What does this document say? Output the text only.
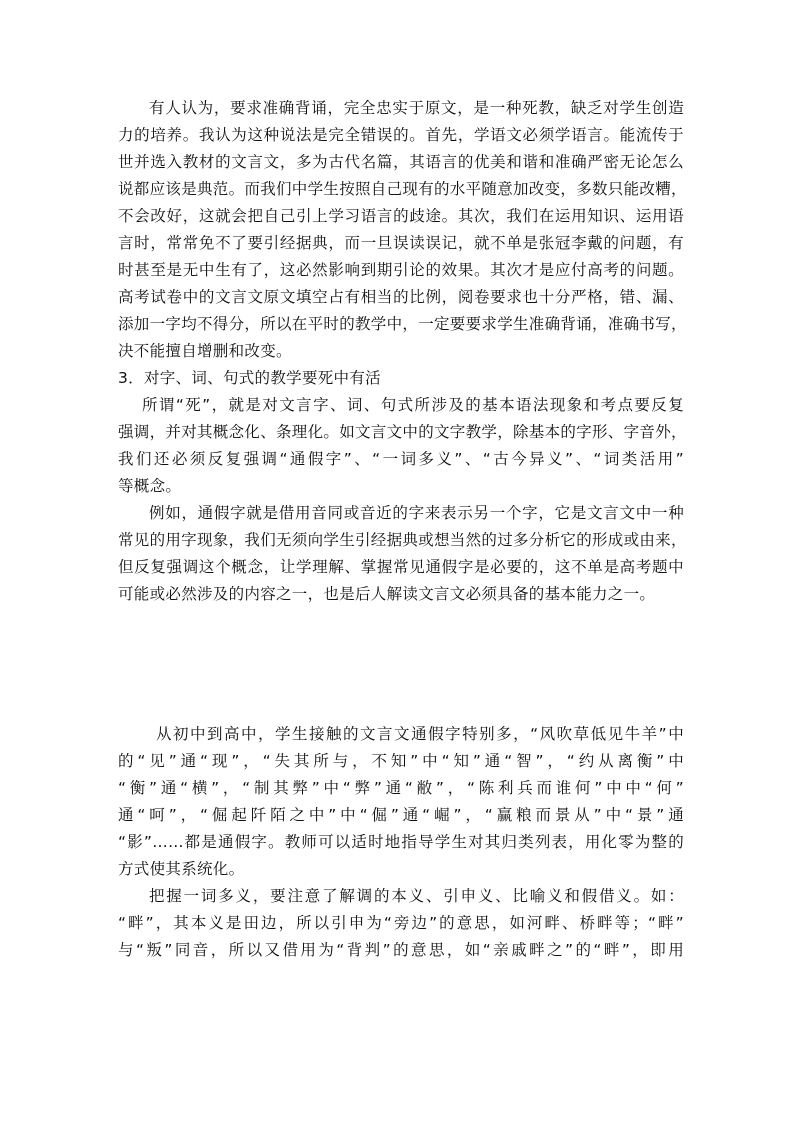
有人认为，要求准确背诵，完全忠实于原文，是一种死教，缺乏对学生创造
力的培养。我认为这种说法是完全错误的。首先，学语文必须学语言。能流传于
世并选入教材的文言文，多为古代名篇，其语言的优美和谐和准确严密无论怎么
说都应该是典范。而我们中学生按照自己现有的水平随意加改变，多数只能改糟，
不会改好，这就会把自己引上学习语言的歧途。其次，我们在运用知识、运用语
言时，常常免不了要引经据典，而一旦误读误记，就不单是张冠李戴的问题，有
时甚至是无中生有了，这必然影响到期引论的效果。其次才是应付高考的问题。
高考试卷中的文言文原文填空占有相当的比例，阅卷要求也十分严格，错、漏、
添加一字均不得分，所以在平时的教学中，一定要要求学生准确背诵，准确书写，
决不能擅自增删和改变。
3．对字、词、句式的教学要死中有活
所谓“死”，就是对文言字、词、句式所涉及的基本语法现象和考点要反复
强调，并对其概念化、条理化。如文言文中的文字教学，除基本的字形、字音外，
我们还必须反复强调“通假字”、“一词多义”、“古今异义”、“词类活用”
等概念。
例如，通假字就是借用音同或音近的字来表示另一个字，它是文言文中一种
常见的用字现象，我们无须向学生引经据典或想当然的过多分析它的形成或由来，
但反复强调这个概念，让学理解、掌握常见通假字是必要的，这不单是高考题中
可能或必然涉及的内容之一，也是后人解读文言文必须具备的基本能力之一。
从初中到高中，学生接触的文言文通假字特别多，“风吹草低见牛羊”中
的“见”通“现”，“失其所与，不知”中“知”通“智”，“约从离衡”中
“衡”通“横”，“制其弊”中“弊”通“敝”，“陈利兵而谁何”中中“何”
通“呵”，“倔起阡陌之中”中“倔”通“崛”，“赢粮而景从”中“景”通
“影”……都是通假字。教师可以适时地指导学生对其归类列表，用化零为整的
方式使其系统化。
把握一词多义，要注意了解调的本义、引申义、比喻义和假借义。如：
“畔”，其本义是田边，所以引申为“旁边”的意思，如河畔、桥畔等；“畔”
与“叛”同音，所以又借用为“背判”的意思，如“亲戚畔之”的“畔”，即用
